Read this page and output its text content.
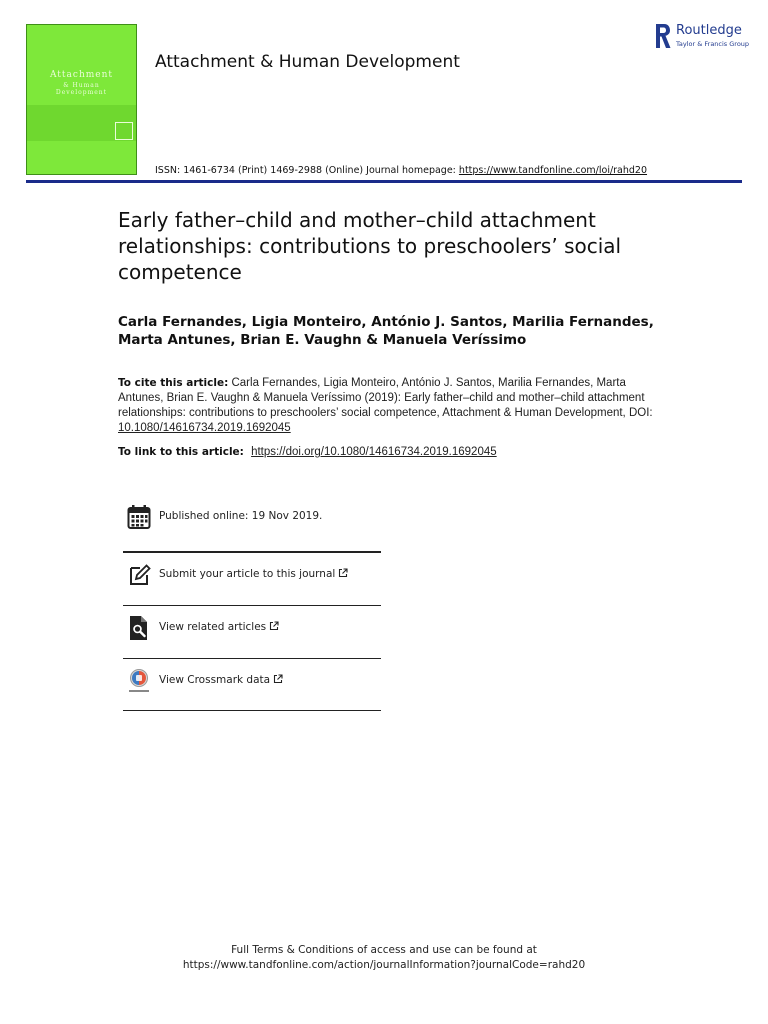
Attachment
& Human
Development
Attachment & Human Development
Routledge
Taylor & Francis Group
ISSN: 1461-6734 (Print) 1469-2988 (Online) Journal homepage: https://www.tandfonline.com/loi/rahd20
Early father–child and mother–child attachment relationships: contributions to preschoolers’ social competence
Carla Fernandes, Ligia Monteiro, António J. Santos, Marilia Fernandes, Marta Antunes, Brian E. Vaughn & Manuela Veríssimo
To cite this article: Carla Fernandes, Ligia Monteiro, António J. Santos, Marilia Fernandes, Marta Antunes, Brian E. Vaughn & Manuela Veríssimo (2019): Early father–child and mother–child attachment relationships: contributions to preschoolers’ social competence, Attachment & Human Development, DOI: 10.1080/14616734.2019.1692045
To link to this article: https://doi.org/10.1080/14616734.2019.1692045
Published online: 19 Nov 2019.
Submit your article to this journal
View related articles
View Crossmark data
Full Terms & Conditions of access and use can be found at
https://www.tandfonline.com/action/journalInformation?journalCode=rahd20
